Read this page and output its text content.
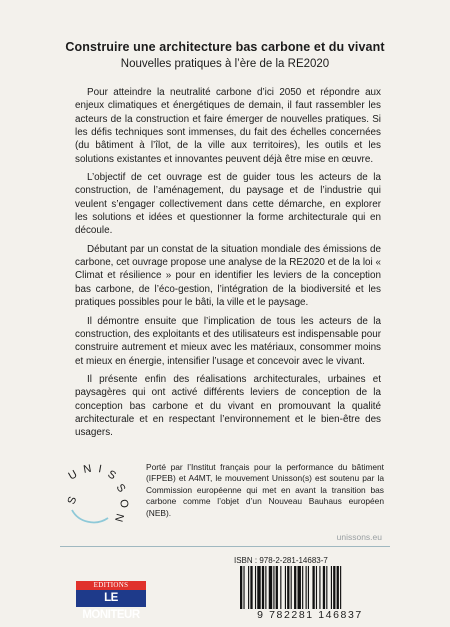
Construire une architecture bas carbone et du vivant
Nouvelles pratiques à l’ère de la RE2020

Pour atteindre la neutralité carbone d’ici 2050 et répondre aux enjeux climatiques et énergétiques de demain, il faut rassembler les acteurs de la construction et faire émerger de nouvelles pratiques. Si les défis techniques sont immenses, du fait des échelles concernées (du bâtiment à l’îlot, de la ville aux territoires), les outils et les solutions existantes et innovantes peuvent déjà être mise en œuvre.

L’objectif de cet ouvrage est de guider tous les acteurs de la construction, de l’aménagement, du paysage et de l’industrie qui veulent s’engager collectivement dans cette démarche, en explorer les solutions et idées et questionner la forme architecturale qui en découle.

Débutant par un constat de la situation mondiale des émissions de carbone, cet ouvrage propose une analyse de la RE2020 et de la loi « Climat et résilience » pour en identifier les leviers de la conception bas carbone, de l’éco-gestion, l’intégration de la biodiversité et les pratiques possibles pour le bâti, la ville et le paysage.

Il démontre ensuite que l’implication de tous les acteurs de la construction, des exploitants et des utilisateurs est indispensable pour construire autrement et mieux avec les matériaux, consommer moins et mieux en énergie, intensifier l’usage et concevoir avec le vivant.

Il présente enfin des réalisations architecturales, urbaines et paysagères qui ont activé différents leviers de conception de la conception bas carbone et du vivant en promouvant la qualité architecturale et en respectant l’environnement et le bien-être des usagers.

U N I S
S
O
N
S
Porté par l’Institut français pour la performance du bâtiment (IFPEB) et A4MT, le mouvement Unisson(s) est soutenu par la Commission européenne qui met en avant la transition bas carbone comme l’objet d’un Nouveau Bauhaus européen (NEB).
unissons.eu
EDITIONS
LE MONITEUR
ISBN : 978-2-281-14683-7
9 782281 146837
